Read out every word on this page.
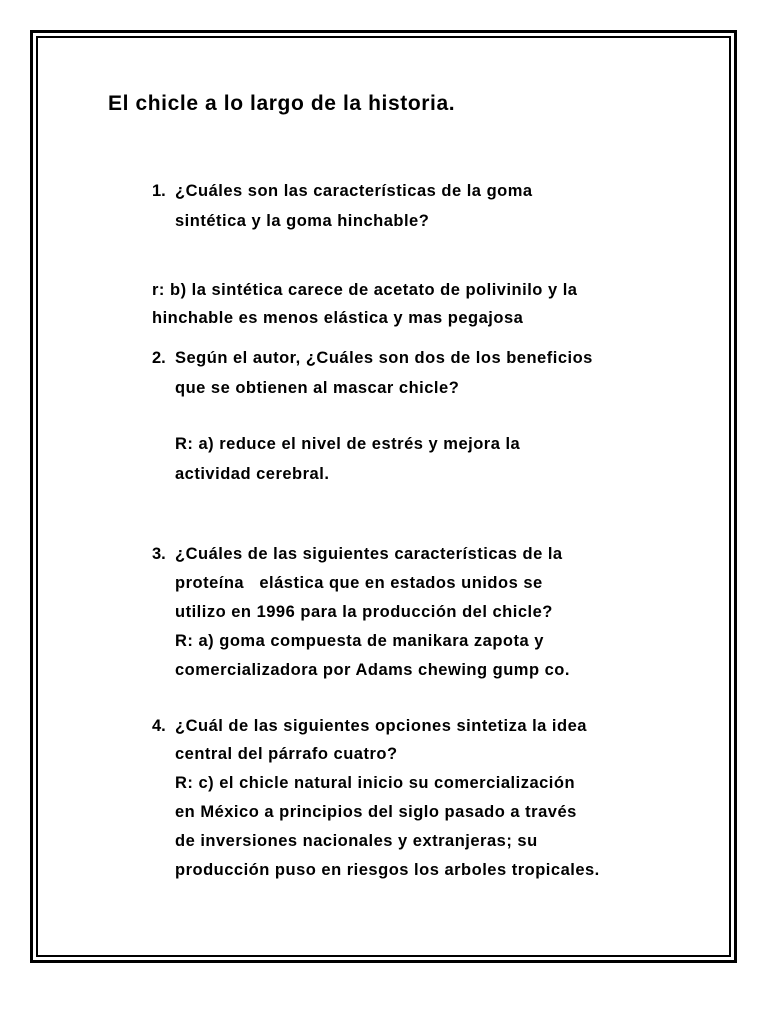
El chicle a lo largo de la historia.
1. ¿Cuáles son las características de la goma
sintética y la goma hinchable?
r: b) la sintética carece de acetato de polivinilo y la
hinchable es menos elástica y mas pegajosa
2. Según el autor, ¿Cuáles son dos de los beneficios
que se obtienen al mascar chicle?
R: a) reduce el nivel de estrés y mejora la
actividad cerebral.
3. ¿Cuáles de las siguientes características de la
proteína   elástica que en estados unidos se
utilizo en 1996 para la producción del chicle?
R: a) goma compuesta de manikara zapota y
comercializadora por Adams chewing gump co.
4. ¿Cuál de las siguientes opciones sintetiza la idea
central del párrafo cuatro?
R: c) el chicle natural inicio su comercialización
en México a principios del siglo pasado a través
de inversiones nacionales y extranjeras; su
producción puso en riesgos los arboles tropicales.
